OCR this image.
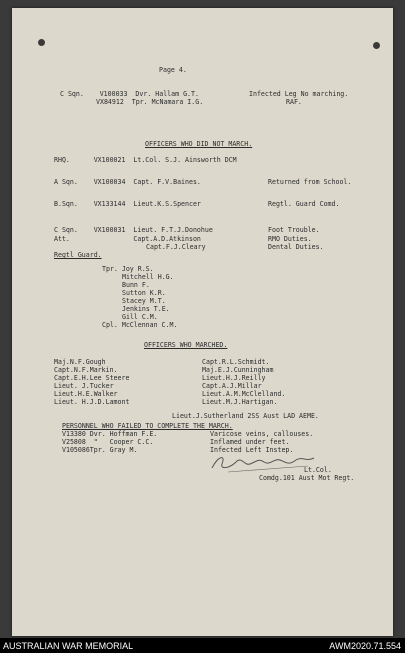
Page 4.
C Sqn.    V100033  Dvr. Hallam G.T.	Infected Leg No marching.
VX84912  Tpr. McNamara I.G.	RAF.
OFFICERS WHO DID NOT MARCH.
RHQ.      VX100021  Lt.Col. S.J. Ainsworth DCM
A Sqn.    VX100034  Capt. F.V.Baines.	Returned from School.
B.Sqn.    VX133144  Lieut.K.S.Spencer	Regtl. Guard Comd.
C Sqn.    VX100031  Lieut. F.T.J.Donohue	Foot Trouble.
Att.                Capt.A.D.Atkinson	RMO Duties.
Capt.F.J.Cleary	Dental Duties.
Regtl Guard.
Tpr. Joy R.S.
Mitchell H.G.
Bunn F.
Sutton K.R.
Stacey M.T.
Jenkins T.E.
Gill C.M.
Cpl. McClennan C.M.
OFFICERS WHO MARCHED.
Maj.N.F.Gough	Capt.R.L.Schmidt.
Capt.N.F.Markin.	Maj.E.J.Cunningham
Capt.E.H.Lee Steere	Lieut.H.J.Reilly
Lieut. J.Tucker	Capt.A.J.Millar
Lieut.H.E.Walker	Lieut.A.M.McClelland.
Lieut. H.J.D.Lamont	Lieut.M.J.Hartigan.
Lieut.J.Sutherland 2SS Aust LAD AEME.
PERSONNEL WHO FAILED TO COMPLETE THE MARCH.
V13380 Dvr. Hoffman F.E.	Varicose veins, callouses.
V25808  "   Cooper C.C.	Inflamed under feet.
V105086Tpr. Gray M.	Infected Left Instep.
Lt.Col.
Comdg.101 Aust Mot Regt.
AUSTRALIAN WAR MEMORIAL	AWM2020.71.554
